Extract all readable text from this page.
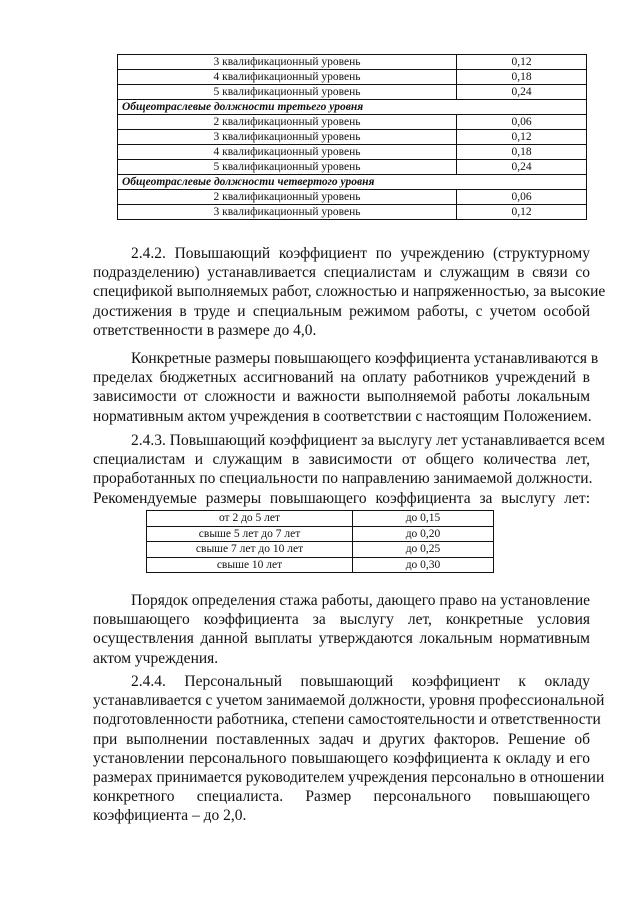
3 квалификационный уровень	0,12
4 квалификационный уровень	0,18
5 квалификационный уровень	0,24
Общеотраслевые должности третьего уровня	
2 квалификационный уровень	0,06
3 квалификационный уровень	0,12
4 квалификационный уровень	0,18
5 квалификационный уровень	0,24
Общеотраслевые должности четвертого уровня	
2 квалификационный уровень	0,06
3 квалификационный уровень	0,12
2.4.2. Повышающий коэффициент по учреждению (структурному
подразделению) устанавливается специалистам и служащим в связи со
спецификой выполняемых работ, сложностью и напряженностью, за высокие
достижения в труде и специальным режимом работы, с учетом особой
ответственности в размере до 4,0.
Конкретные размеры повышающего коэффициента устанавливаются в
пределах бюджетных ассигнований на оплату работников учреждений в
зависимости от сложности и важности выполняемой работы локальным
нормативным актом учреждения в соответствии с настоящим Положением.
2.4.3. Повышающий коэффициент за выслугу лет устанавливается всем
специалистам и служащим в зависимости от общего количества лет,
проработанных по специальности по направлению занимаемой должности.
Рекомендуемые размеры повышающего коэффициента за выслугу лет:
от 2 до 5 лет	до 0,15
свыше 5 лет до 7 лет	до 0,20
свыше 7 лет до 10 лет	до 0,25
свыше 10 лет	до 0,30
Порядок определения стажа работы, дающего право на установление
повышающего коэффициента за выслугу лет, конкретные условия
осуществления данной выплаты утверждаются локальным нормативным
актом учреждения.
2.4.4. Персональный повышающий коэффициент к окладу
устанавливается с учетом занимаемой должности, уровня профессиональной
подготовленности работника, степени самостоятельности и ответственности
при выполнении поставленных задач и других факторов. Решение об
установлении персонального повышающего коэффициента к окладу и его
размерах принимается руководителем учреждения персонально в отношении
конкретного специалиста. Размер персонального повышающего
коэффициента – до 2,0.
